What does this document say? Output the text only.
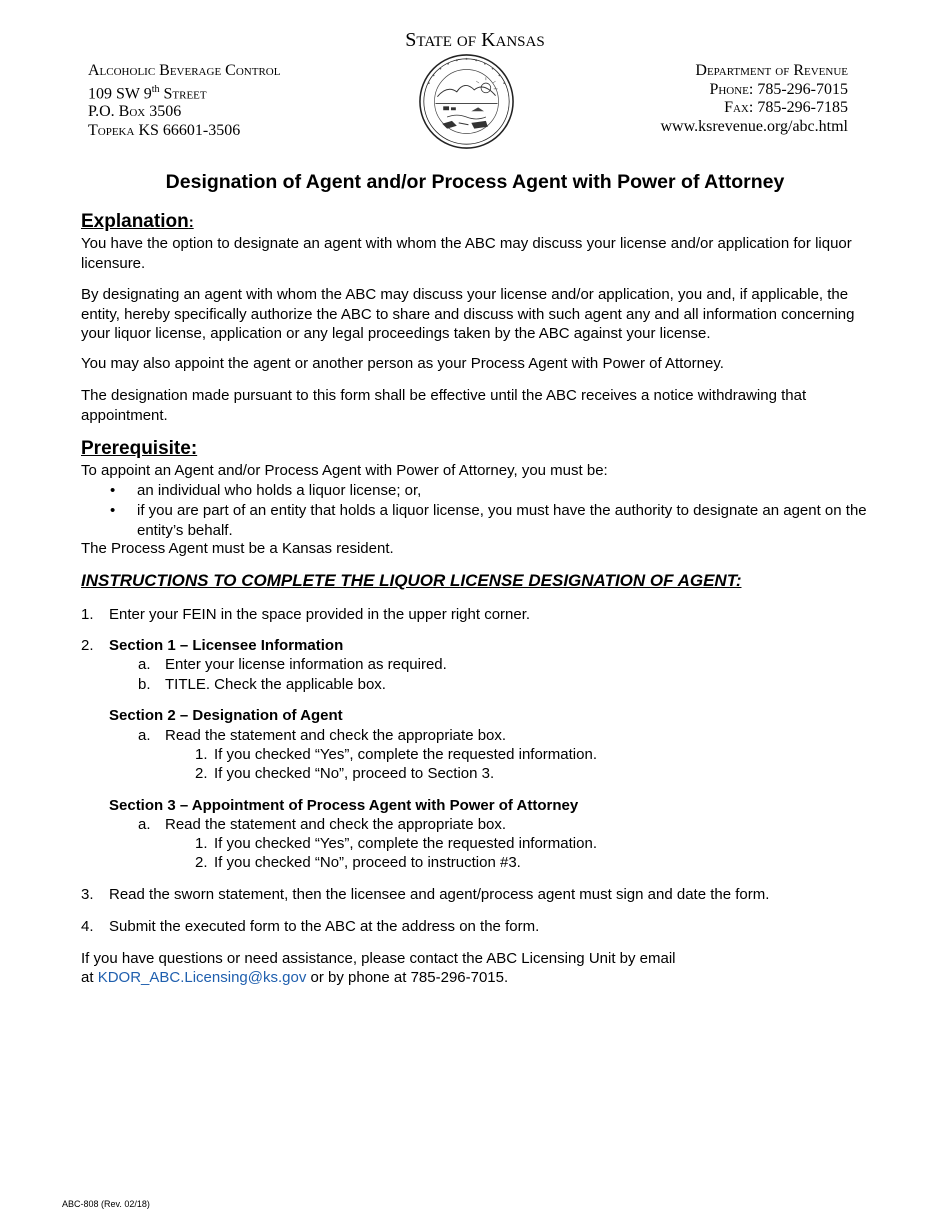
STATE OF KANSAS
Alcoholic Beverage Control
109 SW 9th Street
P.O. Box 3506
Topeka KS 66601-3506
Department of Revenue
Phone: 785-296-7015
Fax: 785-296-7185
www.ksrevenue.org/abc.html
Designation of Agent and/or Process Agent with Power of Attorney
Explanation:

You have the option to designate an agent with whom the ABC may discuss your license and/or application for liquor licensure.

By designating an agent with whom the ABC may discuss your license and/or application, you and, if applicable, the entity, hereby specifically authorize the ABC to share and discuss with such agent any and all information concerning your liquor license, application or any legal proceedings taken by the ABC against your license.

You may also appoint the agent or another person as your Process Agent with Power of Attorney.

The designation made pursuant to this form shall be effective until the ABC receives a notice withdrawing that appointment.

Prerequisite:

To appoint an Agent and/or Process Agent with Power of Attorney, you must be:

• an individual who holds a liquor license; or,

• if you are part of an entity that holds a liquor license, you must have the authority to designate an agent on the entity’s behalf.

The Process Agent must be a Kansas resident.

INSTRUCTIONS TO COMPLETE THE LIQUOR LICENSE DESIGNATION OF AGENT:
1. Enter your FEIN in the space provided in the upper right corner.

2. Section 1 – Licensee Information

a. Enter your license information as required.

b. TITLE. Check the applicable box.

Section 2 – Designation of Agent

a. Read the statement and check the appropriate box.

1. If you checked “Yes”, complete the requested information.

2. If you checked “No”, proceed to Section 3.

Section 3 – Appointment of Process Agent with Power of Attorney

a. Read the statement and check the appropriate box.

1. If you checked “Yes”, complete the requested information.

2. If you checked “No”, proceed to instruction #3.

3. Read the sworn statement, then the licensee and agent/process agent must sign and date the form.

4. Submit the executed form to the ABC at the address on the form.

If you have questions or need assistance, please contact the ABC Licensing Unit by email

at KDOR_ABC.Licensing@ks.gov or by phone at 785-296-7015.

ABC-808 (Rev. 02/18)
